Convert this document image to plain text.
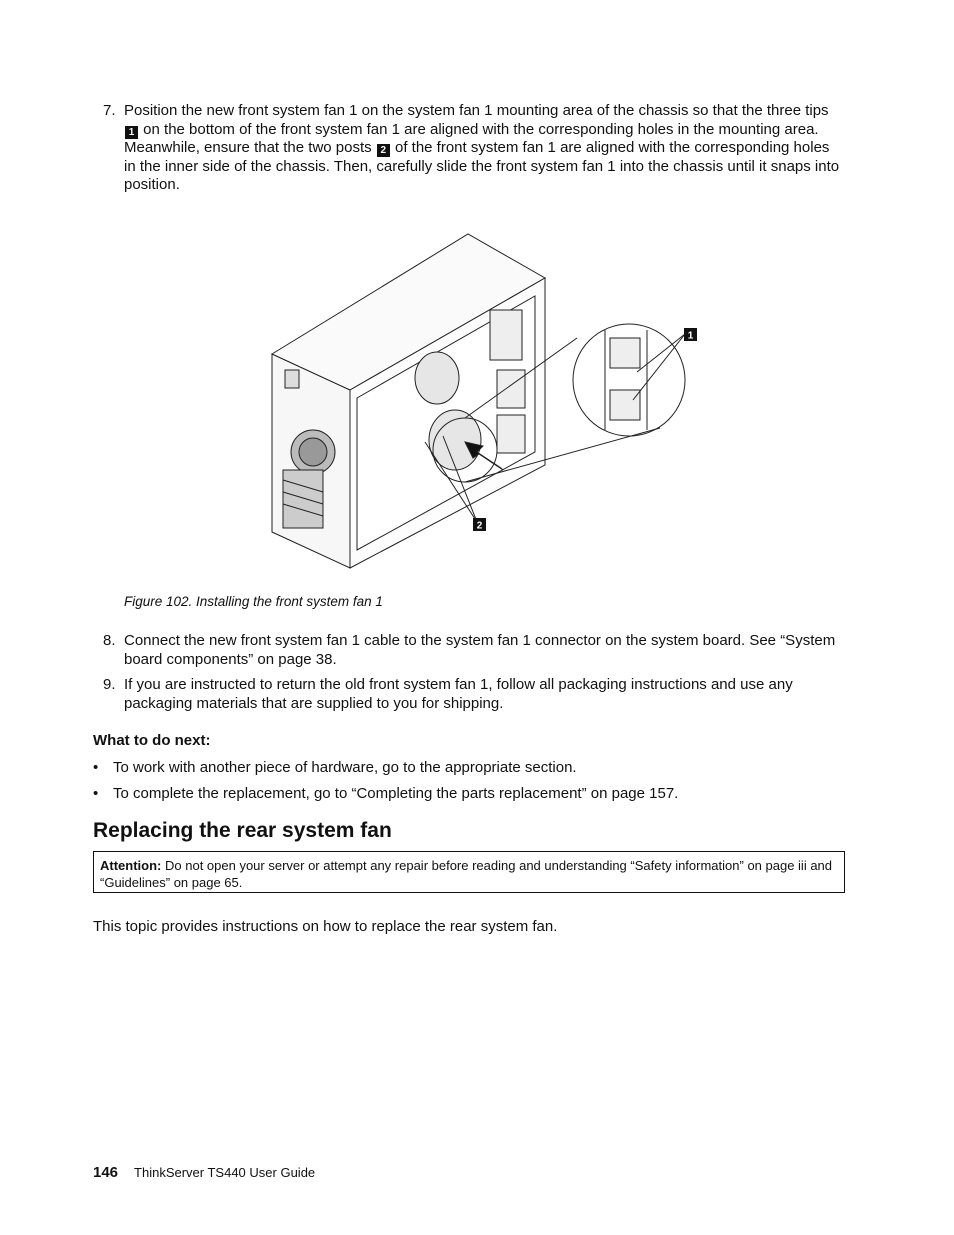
7. Position the new front system fan 1 on the system fan 1 mounting area of the chassis so that the three tips 1 on the bottom of the front system fan 1 are aligned with the corresponding holes in the mounting area. Meanwhile, ensure that the two posts 2 of the front system fan 1 are aligned with the corresponding holes in the inner side of the chassis. Then, carefully slide the front system fan 1 into the chassis until it snaps into position.
1
2
Figure 102. Installing the front system fan 1
8. Connect the new front system fan 1 cable to the system fan 1 connector on the system board. See “System board components” on page 38.
9. If you are instructed to return the old front system fan 1, follow all packaging instructions and use any packaging materials that are supplied to you for shipping.
What to do next:
• To work with another piece of hardware, go to the appropriate section.
• To complete the replacement, go to “Completing the parts replacement” on page 157.
Replacing the rear system fan
Attention: Do not open your server or attempt any repair before reading and understanding “Safety information” on page iii and “Guidelines” on page 65.
This topic provides instructions on how to replace the rear system fan.
146 ThinkServer TS440 User Guide
